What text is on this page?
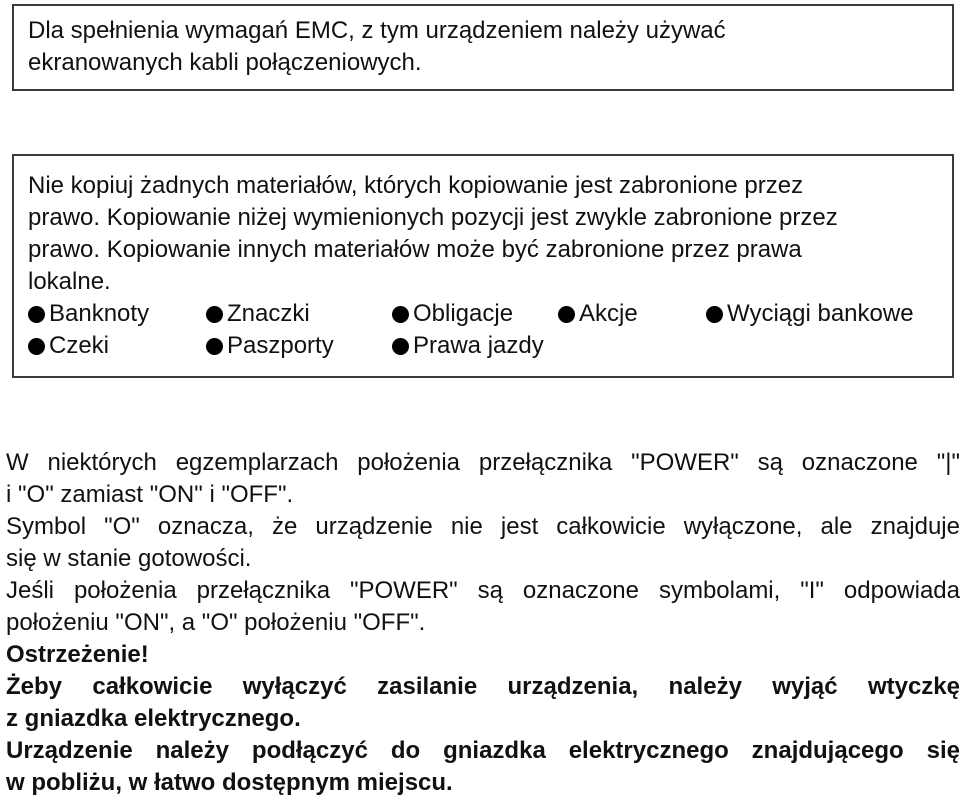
Dla spełnienia wymagań EMC, z tym urządzeniem należy używać

ekranowanych kabli połączeniowych.

Nie kopiuj żadnych materiałów, których kopiowanie jest zabronione przez

prawo. Kopiowanie niżej wymienionych pozycji jest zwykle zabronione przez

prawo. Kopiowanie innych materiałów może być zabronione przez prawa

lokalne.

Banknoty	Znaczki	Obligacje	Akcje	Wyciągi bankowe
Czeki	Paszporty	Prawa jazdy

W niektórych egzemplarzach położenia przełącznika "POWER" są oznaczone "|"

i "O" zamiast "ON" i "OFF".

Symbol "O" oznacza, że urządzenie nie jest całkowicie wyłączone, ale znajduje

się w stanie gotowości.

Jeśli położenia przełącznika "POWER" są oznaczone symbolami, "I" odpowiada

położeniu "ON", a "O" położeniu "OFF".

Ostrzeżenie!

Żeby całkowicie wyłączyć zasilanie urządzenia, należy wyjąć wtyczkę

z gniazdka elektrycznego.

Urządzenie należy podłączyć do gniazdka elektrycznego znajdującego się

w pobliżu, w łatwo dostępnym miejscu.
